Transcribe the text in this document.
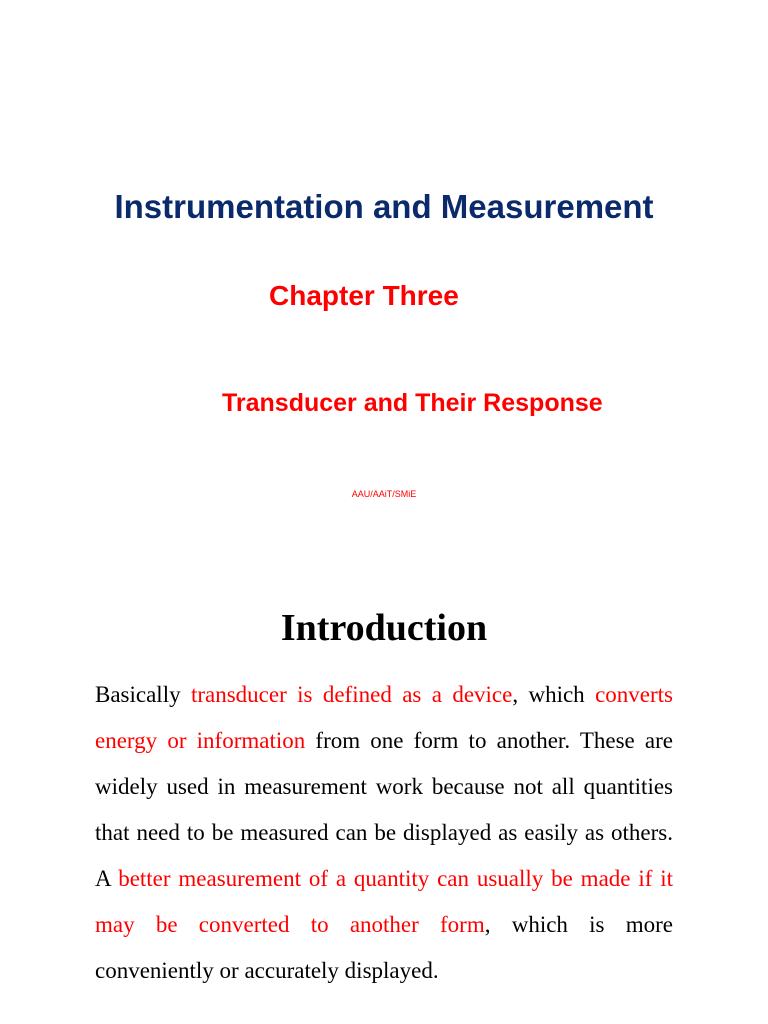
Instrumentation and Measurement
Chapter Three
Transducer and Their Response
AAU/AAiT/SMiE
Introduction

Basically transducer is defined as a device, which converts energy or information from one form to another. These are widely used in measurement work because not all quantities that need to be measured can be displayed as easily as others. A better measurement of a quantity can usually be made if it may be converted to another form, which is more conveniently or accurately displayed.
